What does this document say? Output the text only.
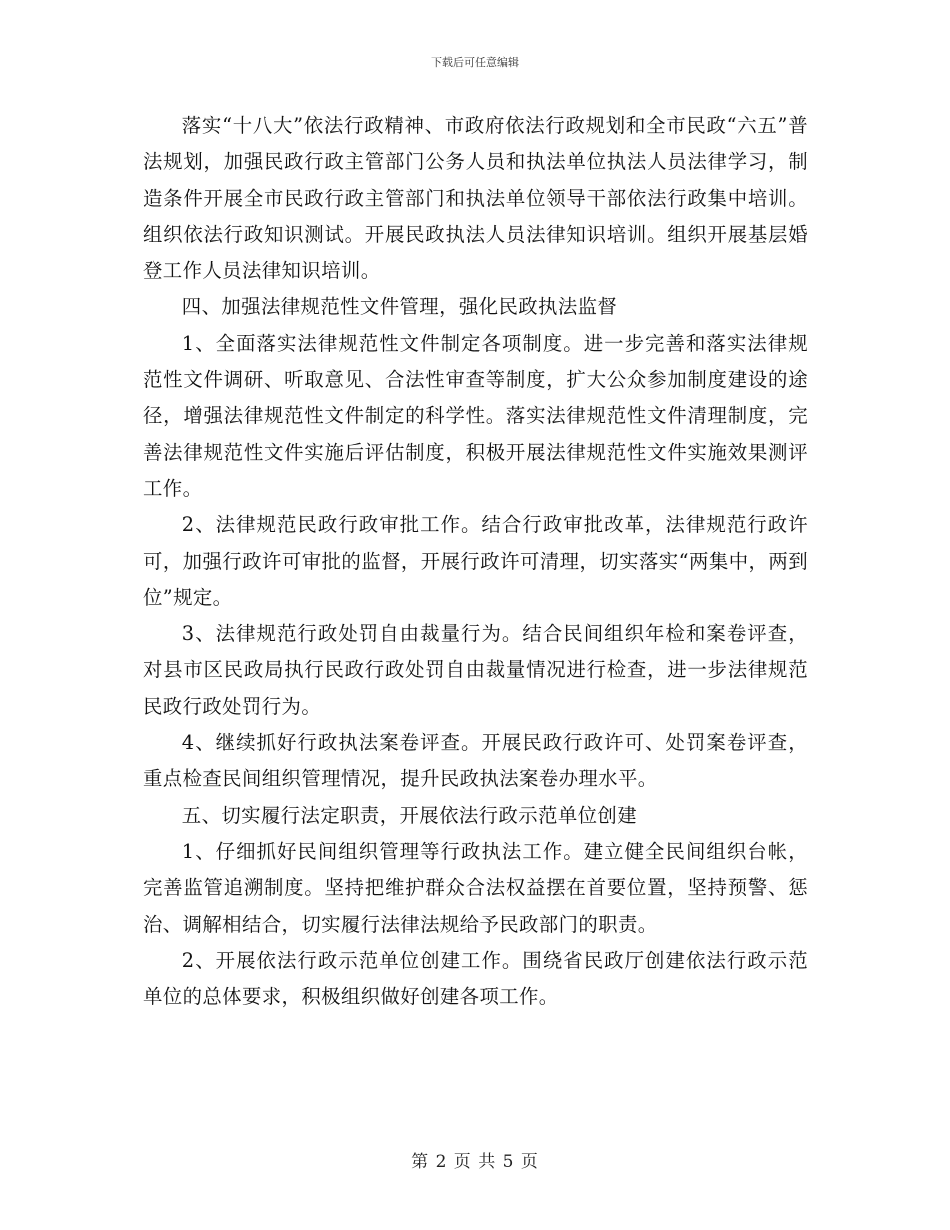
下载后可任意编辑

落实“十八大”依法行政精神、市政府依法行政规划和全市民政“六五”普法规划，加强民政行政主管部门公务人员和执法单位执法人员法律学习，制造条件开展全市民政行政主管部门和执法单位领导干部依法行政集中培训。组织依法行政知识测试。开展民政执法人员法律知识培训。组织开展基层婚登工作人员法律知识培训。

四、加强法律规范性文件管理，强化民政执法监督

1、全面落实法律规范性文件制定各项制度。进一步完善和落实法律规范性文件调研、听取意见、合法性审查等制度，扩大公众参加制度建设的途径，增强法律规范性文件制定的科学性。落实法律规范性文件清理制度，完善法律规范性文件实施后评估制度，积极开展法律规范性文件实施效果测评工作。

2、法律规范民政行政审批工作。结合行政审批改革，法律规范行政许可，加强行政许可审批的监督，开展行政许可清理，切实落实“两集中，两到位”规定。

3、法律规范行政处罚自由裁量行为。结合民间组织年检和案卷评查，对县市区民政局执行民政行政处罚自由裁量情况进行检查，进一步法律规范民政行政处罚行为。

4、继续抓好行政执法案卷评查。开展民政行政许可、处罚案卷评查，重点检查民间组织管理情况，提升民政执法案卷办理水平。

五、切实履行法定职责，开展依法行政示范单位创建

1、仔细抓好民间组织管理等行政执法工作。建立健全民间组织台帐，完善监管追溯制度。坚持把维护群众合法权益摆在首要位置，坚持预警、惩治、调解相结合，切实履行法律法规给予民政部门的职责。

2、开展依法行政示范单位创建工作。围绕省民政厅创建依法行政示范单位的总体要求，积极组织做好创建各项工作。

第 2 页 共 5 页
